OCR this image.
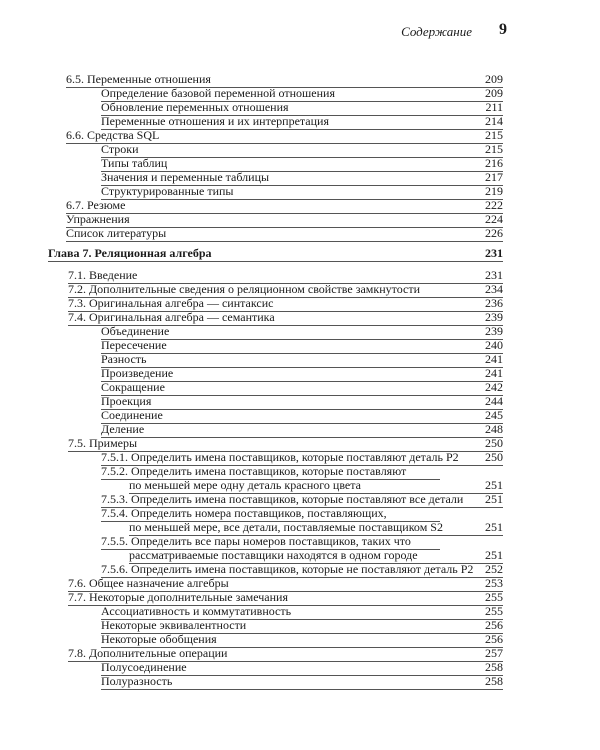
Содержание 9
6.5. Переменные отношения	209
Определение базовой переменной отношения	209
Обновление переменных отношения	211
Переменные отношения и их интерпретация	214
6.6. Средства SQL	215
Строки	215
Типы таблиц	216
Значения и переменные таблицы	217
Структурированные типы	219
6.7. Резюме	222
Упражнения	224
Список литературы	226
Глава 7. Реляционная алгебра	231
7.1. Введение	231
7.2. Дополнительные сведения о реляционном свойстве замкнутости	234
7.3. Оригинальная алгебра — синтаксис	236
7.4. Оригинальная алгебра — семантика	239
Объединение	239
Пересечение	240
Разность	241
Произведение	241
Сокращение	242
Проекция	244
Соединение	245
Деление	248
7.5. Примеры	250
7.5.1. Определить имена поставщиков, которые поставляют деталь Р2 250
7.5.2. Определить имена поставщиков, которые поставляют
по меньшей мере одну деталь красного цвета	251
7.5.3. Определить имена поставщиков, которые поставляют все детали 251
7.5.4. Определить номера поставщиков, поставляющих,
по меньшей мере, все детали, поставляемые поставщиком S2	251
7.5.5. Определить все пары номеров поставщиков, таких что
рассматриваемые поставщики находятся в одном городе	251
7.5.6. Определить имена поставщиков, которые не поставляют деталь Р2 252
7.6. Общее назначение алгебры	253
7.7. Некоторые дополнительные замечания	255
Ассоциативность и коммутативность	255
Некоторые эквивалентности	256
Некоторые обобщения	256
7.8. Дополнительные операции	257
Полусоединение	258
Полуразность	258
